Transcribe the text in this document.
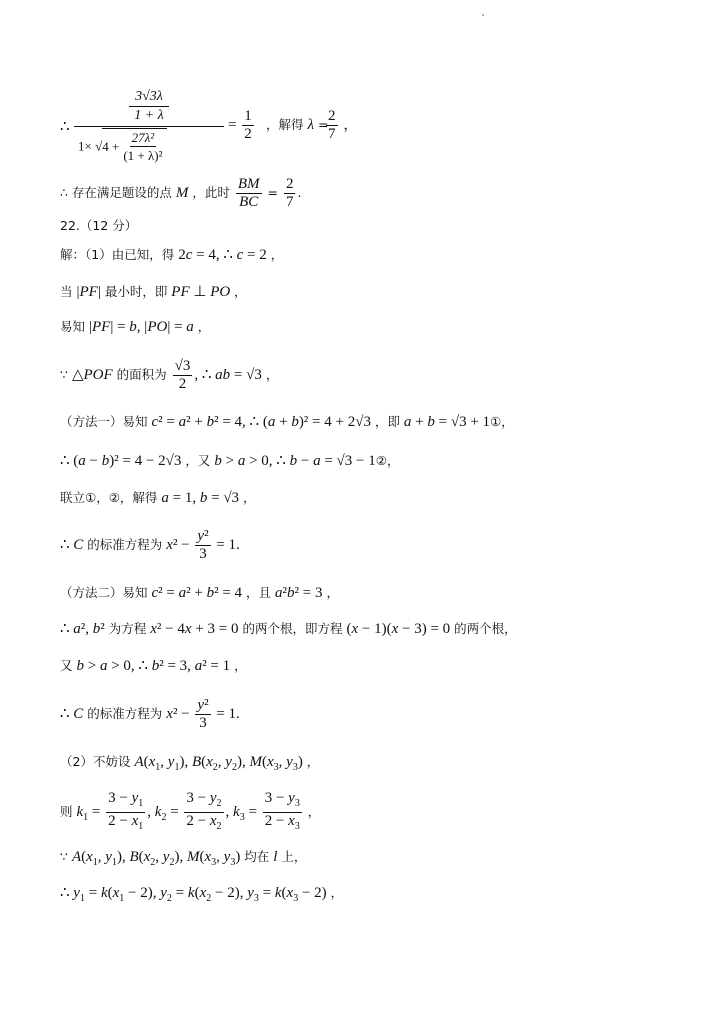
∴
3√3λ
1 + λ
$1\times √4 + \frac{\text{27λ²}}{\text{(1 + λ)²}}$
= $\frac{1}{2}$ ，解得 λ =
$\frac{2}{7}$ ，
∴ 存在满足题设的点 M ，此时 $\frac{BM}{BC} = \frac{2}{7}$ .
22.（12 分）
解：（1）由已知，得 2c = 4, ∴ c = 2 ，
当 |PF| 最小时，即 PF ⊥ PO ，
易知 |PF| = b, |PO| = a ，
∵ △POF 的面积为 $\frac{√3}{2}$ , ∴ ab = √3 ，
（方法一）易知 c² = a² + b² = 4, ∴ (a + b)² = 4 + 2√3 ，即 a + b = √3 + 1①，
∴ (a − b)² = 4 − 2√3 ，又 b > a > 0, ∴ b − a = √3 − 1②，
联立①，②，解得 a = 1, b = √3 ，
∴ C 的标准方程为 $x^2 - \frac{\text{y²}}{3} = 1$.
（方法二）易知 c² = a² + b² = 4 ，且 a²b² = 3 ，
∴ a², b² 为方程 x² − 4x + 3 = 0 的两个根，即方程 (x − 1)(x − 3) = 0 的两个根，
又 b > a > 0, ∴ b² = 3, a² = 1 ，
∴ C 的标准方程为 $x^2 - \frac{\text{y²}}{3} = 1$.
（2）不妨设 $A(x_1$, $y_1$), $B(x_2$, $y_2$), $M(x_3$, $y_3$) ，
则 $k_1 = \frac{3 - y_1}{2 - x_1}$ , $k_2 = \frac{3 - y_2}{2 - x_2}$ , $k_3 = \frac{3 - y_3}{2 - x_3}$ ，
∵ $A(x_1$, $y_1$), $B(x_2$, $y_2$), $M(x_3$, $y_3$) 均在 l 上，
∴ $y_1 = k(x_1 - 2)$, $y_2 = k(x_2 - 2)$, $y_3 = k(x_3 - 2)$ ，
